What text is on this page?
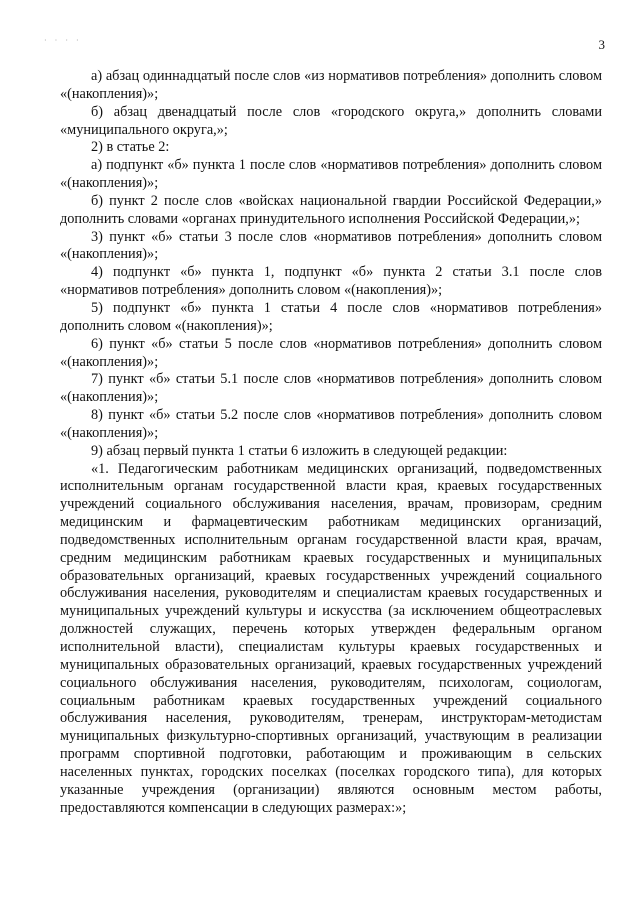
· · · ·	3

а) абзац одиннадцатый после слов «из нормативов потребления» дополнить словом «(накопления)»;

б) абзац двенадцатый после слов «городского округа,» дополнить словами «муниципального округа,»;

2) в статье 2:

а) подпункт «б» пункта 1 после слов «нормативов потребления» дополнить словом «(накопления)»;

б) пункт 2 после слов «войсках национальной гвардии Российской Федерации,» дополнить словами «органах принудительного исполнения Российской Федерации,»;

3) пункт «б» статьи 3 после слов «нормативов потребления» дополнить словом «(накопления)»;

4) подпункт «б» пункта 1, подпункт «б» пункта 2 статьи 3.1 после слов «нормативов потребления» дополнить словом «(накопления)»;

5) подпункт «б» пункта 1 статьи 4 после слов «нормативов потребления» дополнить словом «(накопления)»;

6) пункт «б» статьи 5 после слов «нормативов потребления» дополнить словом «(накопления)»;

7) пункт «б» статьи 5.1 после слов «нормативов потребления» дополнить словом «(накопления)»;

8) пункт «б» статьи 5.2 после слов «нормативов потребления» дополнить словом «(накопления)»;

9) абзац первый пункта 1 статьи 6 изложить в следующей редакции:

«1. Педагогическим работникам медицинских организаций, подведомственных исполнительным органам государственной власти края, краевых государственных учреждений социального обслуживания населения, врачам, провизорам, средним медицинским и фармацевтическим работникам медицинских организаций, подведомственных исполнительным органам государственной власти края, врачам, средним медицинским работникам краевых государственных и муниципальных образовательных организаций, краевых государственных учреждений социального обслуживания населения, руководителям и специалистам краевых государственных и муниципальных учреждений культуры и искусства (за исключением общеотраслевых должностей служащих, перечень которых утвержден федеральным органом исполнительной власти), специалистам культуры краевых государственных и муниципальных образовательных организаций, краевых государственных учреждений социального обслуживания населения, руководителям, психологам, социологам, социальным работникам краевых государственных учреждений социального обслуживания населения, руководителям, тренерам, инструкторам-методистам муниципальных физкультурно-спортивных организаций, участвующим в реализации программ спортивной подготовки, работающим и проживающим в сельских населенных пунктах, городских поселках (поселках городского типа), для которых указанные учреждения (организации) являются основным местом работы, предоставляются компенсации в следующих размерах:»;
